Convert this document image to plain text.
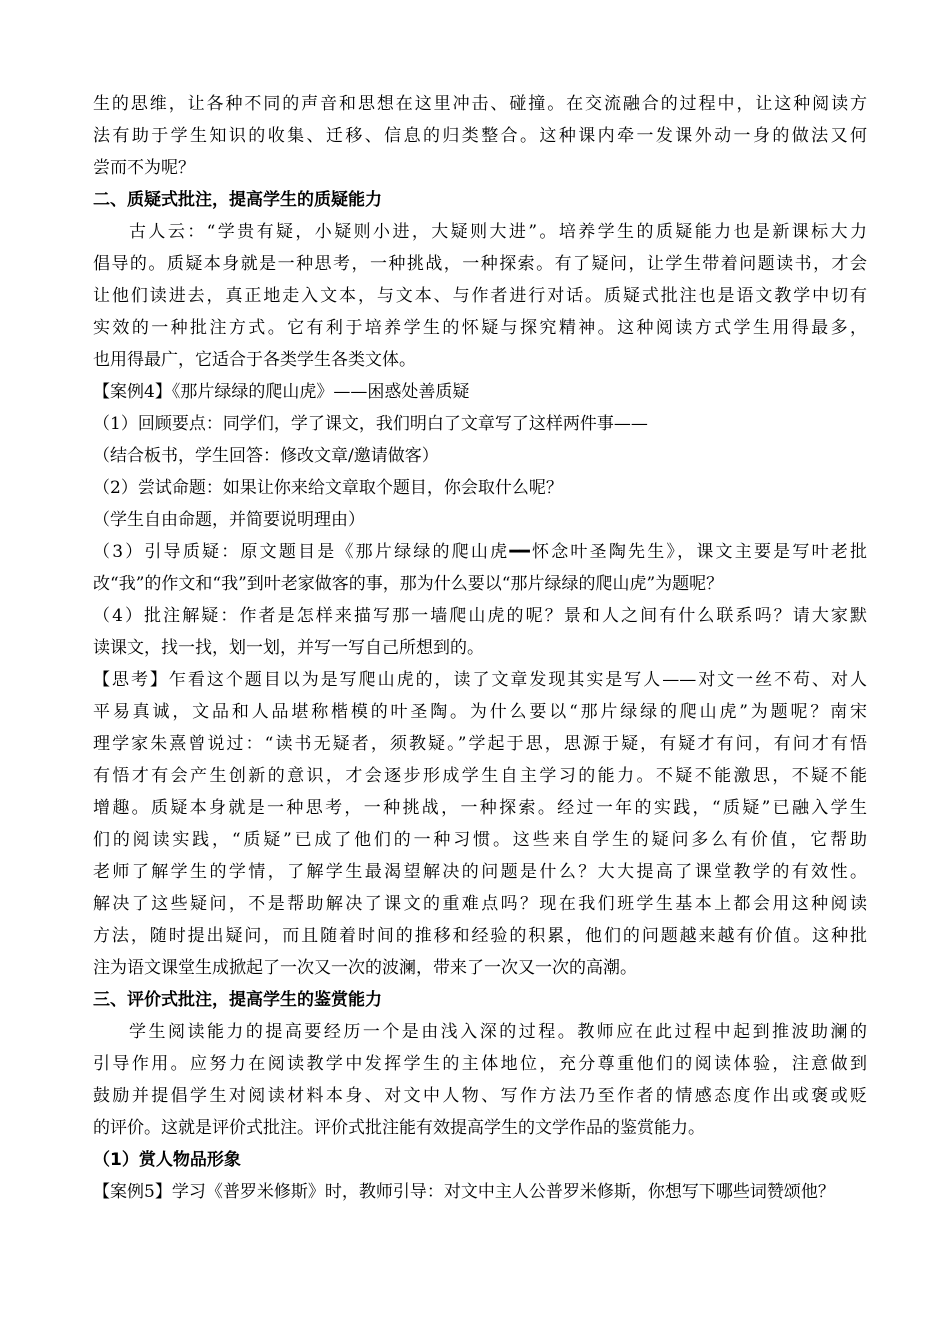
生的思维，让各种不同的声音和思想在这里冲击、碰撞。在交流融合的过程中，让这种阅读方
法有助于学生知识的收集、迁移、信息的归类整合。这种课内牵一发课外动一身的做法又何
尝而不为呢？
二、质疑式批注，提高学生的质疑能力
古人云：“学贵有疑，小疑则小进，大疑则大进”。培养学生的质疑能力也是新课标大力
倡导的。质疑本身就是一种思考，一种挑战，一种探索。有了疑问，让学生带着问题读书，才会
让他们读进去，真正地走入文本，与文本、与作者进行对话。质疑式批注也是语文教学中切有
实效的一种批注方式。它有利于培养学生的怀疑与探究精神。这种阅读方式学生用得最多，
也用得最广，它适合于各类学生各类文体。
【案例4】《那片绿绿的爬山虎》——困惑处善质疑
（1）回顾要点：同学们，学了课文，我们明白了文章写了这样两件事——
（结合板书，学生回答：修改文章/邀请做客）
（2）尝试命题：如果让你来给文章取个题目，你会取什么呢？
（学生自由命题，并简要说明理由）
（3）引导质疑：原文题目是《那片绿绿的爬山虎━━怀念叶圣陶先生》，课文主要是写叶老批
改“我”的作文和“我”到叶老家做客的事，那为什么要以“那片绿绿的爬山虎”为题呢？
（4）批注解疑：作者是怎样来描写那一墙爬山虎的呢？景和人之间有什么联系吗？请大家默
读课文，找一找，划一划，并写一写自己所想到的。
【思考】乍看这个题目以为是写爬山虎的，读了文章发现其实是写人——对文一丝不苟、对人
平易真诚，文品和人品堪称楷模的叶圣陶。为什么要以“那片绿绿的爬山虎”为题呢？南宋
理学家朱熹曾说过：“读书无疑者，须教疑。”学起于思，思源于疑，有疑才有问，有问才有悟
有悟才有会产生创新的意识，才会逐步形成学生自主学习的能力。不疑不能激思，不疑不能
增趣。质疑本身就是一种思考，一种挑战，一种探索。经过一年的实践，“质疑”已融入学生
们的阅读实践，“质疑”已成了他们的一种习惯。这些来自学生的疑问多么有价值，它帮助
老师了解学生的学情，了解学生最渴望解决的问题是什么？大大提高了课堂教学的有效性。
解决了这些疑问，不是帮助解决了课文的重难点吗？现在我们班学生基本上都会用这种阅读
方法，随时提出疑问，而且随着时间的推移和经验的积累，他们的问题越来越有价值。这种批
注为语文课堂生成掀起了一次又一次的波澜，带来了一次又一次的高潮。
三、评价式批注，提高学生的鉴赏能力
学生阅读能力的提高要经历一个是由浅入深的过程。教师应在此过程中起到推波助澜的
引导作用。应努力在阅读教学中发挥学生的主体地位，充分尊重他们的阅读体验，注意做到
鼓励并提倡学生对阅读材料本身、对文中人物、写作方法乃至作者的情感态度作出或褒或贬
的评价。这就是评价式批注。评价式批注能有效提高学生的文学作品的鉴赏能力。
（1）赏人物品形象
【案例5】学习《普罗米修斯》时，教师引导：对文中主人公普罗米修斯，你想写下哪些词赞颂他？
